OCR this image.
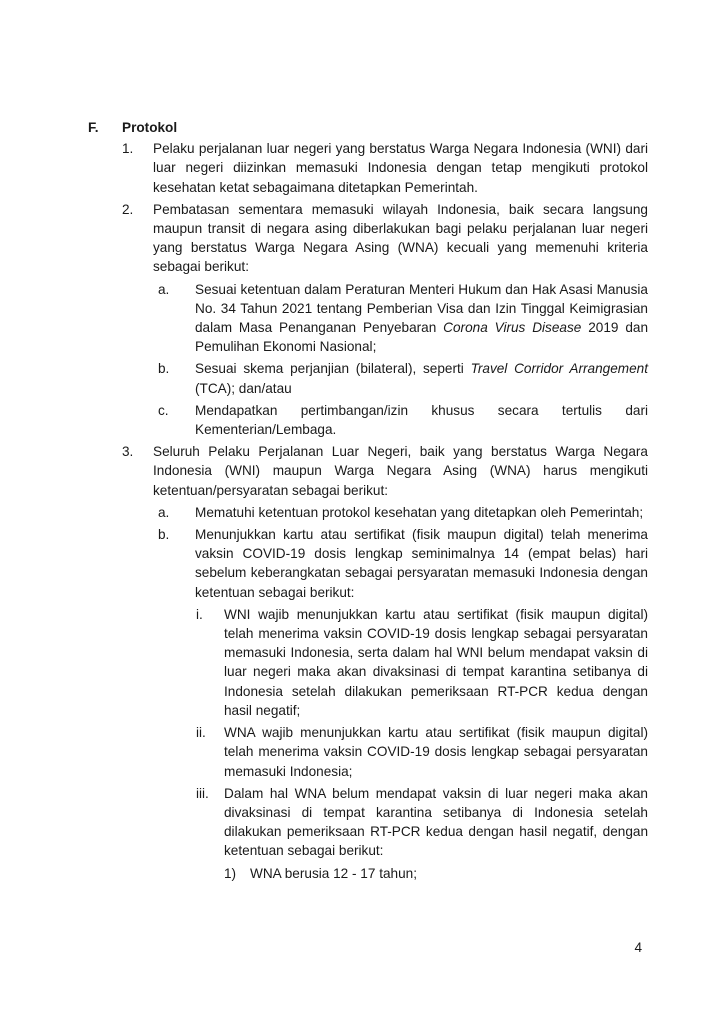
F.	Protokol
1.	Pelaku perjalanan luar negeri yang berstatus Warga Negara Indonesia (WNI) dari luar negeri diizinkan memasuki Indonesia dengan tetap mengikuti protokol kesehatan ketat sebagaimana ditetapkan Pemerintah.
2.	Pembatasan sementara memasuki wilayah Indonesia, baik secara langsung maupun transit di negara asing diberlakukan bagi pelaku perjalanan luar negeri yang berstatus Warga Negara Asing (WNA) kecuali yang memenuhi kriteria sebagai berikut:
a.	Sesuai ketentuan dalam Peraturan Menteri Hukum dan Hak Asasi Manusia No. 34 Tahun 2021 tentang Pemberian Visa dan Izin Tinggal Keimigrasian dalam Masa Penanganan Penyebaran Corona Virus Disease 2019 dan Pemulihan Ekonomi Nasional;
b.	Sesuai skema perjanjian (bilateral), seperti Travel Corridor Arrangement (TCA); dan/atau
c.	Mendapatkan pertimbangan/izin khusus secara tertulis dari Kementerian/Lembaga.
3.	Seluruh Pelaku Perjalanan Luar Negeri, baik yang berstatus Warga Negara Indonesia (WNI) maupun Warga Negara Asing (WNA) harus mengikuti ketentuan/persyaratan sebagai berikut:
a.	Mematuhi ketentuan protokol kesehatan yang ditetapkan oleh Pemerintah;
b.	Menunjukkan kartu atau sertifikat (fisik maupun digital) telah menerima vaksin COVID-19 dosis lengkap seminimalnya 14 (empat belas) hari sebelum keberangkatan sebagai persyaratan memasuki Indonesia dengan ketentuan sebagai berikut:
i.	WNI wajib menunjukkan kartu atau sertifikat (fisik maupun digital) telah menerima vaksin COVID-19 dosis lengkap sebagai persyaratan memasuki Indonesia, serta dalam hal WNI belum mendapat vaksin di luar negeri maka akan divaksinasi di tempat karantina setibanya di Indonesia setelah dilakukan pemeriksaan RT-PCR kedua dengan hasil negatif;
ii.	WNA wajib menunjukkan kartu atau sertifikat (fisik maupun digital) telah menerima vaksin COVID-19 dosis lengkap sebagai persyaratan memasuki Indonesia;
iii.	Dalam hal WNA belum mendapat vaksin di luar negeri maka akan divaksinasi di tempat karantina setibanya di Indonesia setelah dilakukan pemeriksaan RT-PCR kedua dengan hasil negatif, dengan ketentuan sebagai berikut:
1)	WNA berusia 12 - 17 tahun;
4
